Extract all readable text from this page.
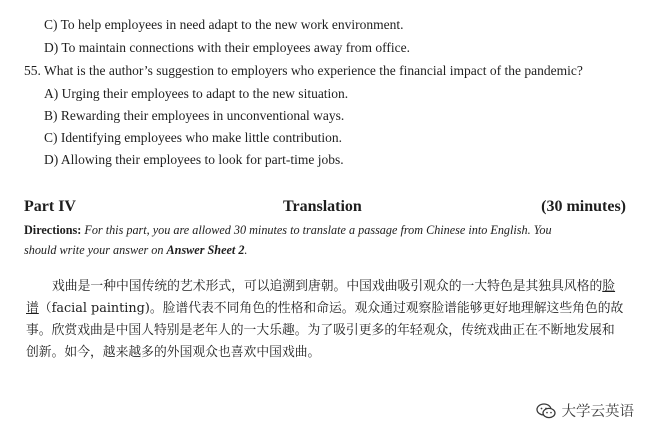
C) To help employees in need adapt to the new work environment.
D) To maintain connections with their employees away from office.
55. What is the author’s suggestion to employers who experience the financial impact of the pandemic?
A) Urging their employees to adapt to the new situation.
B) Rewarding their employees in unconventional ways.
C) Identifying employees who make little contribution.
D) Allowing their employees to look for part-time jobs.
Part IV	Translation	(30 minutes)
Directions: For this part, you are allowed 30 minutes to translate a passage from Chinese into English. You
should write your answer on Answer Sheet 2.
戏曲是一种中国传统的艺术形式，可以追溯到唐朝。中国戏曲吸引观众的一大特色是其独具风格的脸谱（facial painting)。脸谱代表不同角色的性格和命运。观众通过观察脸谱能够更好地理解这些角色的故事。欣赏戏曲是中国人特别是老年人的一大乐趣。为了吸引更多的年轻观众，传统戏曲正在不断地发展和创新。如今，越来越多的外国观众也喜欢中国戏曲。
大学云英语
